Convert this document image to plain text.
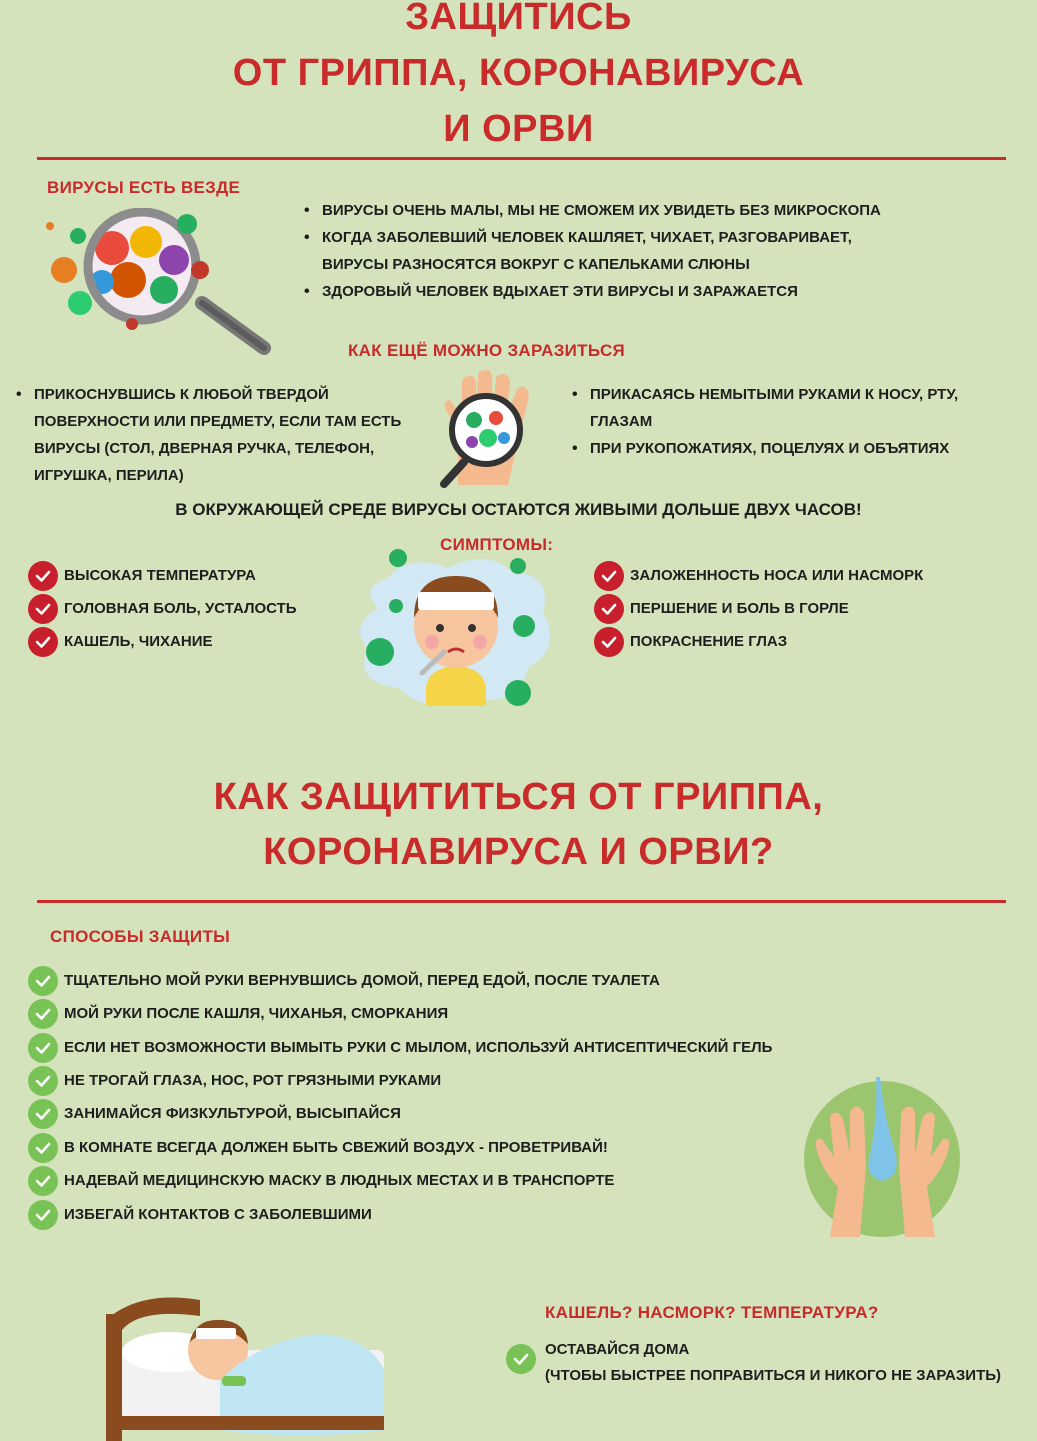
ЗАЩИТИСЬ
ОТ ГРИППА, КОРОНАВИРУСА
И ОРВИ
ВИРУСЫ ЕСТЬ ВЕЗДЕ
• ВИРУСЫ ОЧЕНЬ МАЛЫ, МЫ НЕ СМОЖЕМ ИХ УВИДЕТЬ БЕЗ МИКРОСКОПА
• КОГДА ЗАБОЛЕВШИЙ ЧЕЛОВЕК КАШЛЯЕТ, ЧИХАЕТ, РАЗГОВАРИВАЕТ, ВИРУСЫ РАЗНОСЯТСЯ ВОКРУГ С КАПЕЛЬКАМИ СЛЮНЫ
• ЗДОРОВЫЙ ЧЕЛОВЕК ВДЫХАЕТ ЭТИ ВИРУСЫ И ЗАРАЖАЕТСЯ
КАК ЕЩЁ МОЖНО ЗАРАЗИТЬСЯ
• ПРИКОСНУВШИСЬ К ЛЮБОЙ ТВЕРДОЙ ПОВЕРХНОСТИ ИЛИ ПРЕДМЕТУ, ЕСЛИ ТАМ ЕСТЬ ВИРУСЫ (СТОЛ, ДВЕРНАЯ РУЧКА, ТЕЛЕФОН, ИГРУШКА, ПЕРИЛА)
• ПРИКАСАЯСЬ НЕМЫТЫМИ РУКАМИ К НОСУ, РТУ, ГЛАЗАМ
• ПРИ РУКОПОЖАТИЯХ, ПОЦЕЛУЯХ И ОБЪЯТИЯХ
В ОКРУЖАЮЩЕЙ СРЕДЕ ВИРУСЫ ОСТАЮТСЯ ЖИВЫМИ ДОЛЬШЕ ДВУХ ЧАСОВ!
СИМПТОМЫ:
ВЫСОКАЯ ТЕМПЕРАТУРА
ГОЛОВНАЯ БОЛЬ, УСТАЛОСТЬ
КАШЕЛЬ, ЧИХАНИЕ
ЗАЛОЖЕННОСТЬ НОСА ИЛИ НАСМОРК
ПЕРШЕНИЕ И БОЛЬ В ГОРЛЕ
ПОКРАСНЕНИЕ ГЛАЗ
КАК ЗАЩИТИТЬСЯ ОТ ГРИППА,
КОРОНАВИРУСА И ОРВИ?
СПОСОБЫ ЗАЩИТЫ
ТЩАТЕЛЬНО МОЙ РУКИ ВЕРНУВШИСЬ ДОМОЙ, ПЕРЕД ЕДОЙ, ПОСЛЕ ТУАЛЕТА
МОЙ РУКИ ПОСЛЕ КАШЛЯ, ЧИХАНЬЯ, СМОРКАНИЯ
ЕСЛИ НЕТ ВОЗМОЖНОСТИ ВЫМЫТЬ РУКИ С МЫЛОМ, ИСПОЛЬЗУЙ АНТИСЕПТИЧЕСКИЙ ГЕЛЬ
НЕ ТРОГАЙ ГЛАЗА, НОС, РОТ ГРЯЗНЫМИ РУКАМИ
ЗАНИМАЙСЯ ФИЗКУЛЬТУРОЙ, ВЫСЫПАЙСЯ
В КОМНАТЕ ВСЕГДА ДОЛЖЕН БЫТЬ СВЕЖИЙ ВОЗДУХ - ПРОВЕТРИВАЙ!
НАДЕВАЙ МЕДИЦИНСКУЮ МАСКУ В ЛЮДНЫХ МЕСТАХ И В ТРАНСПОРТЕ
ИЗБЕГАЙ КОНТАКТОВ С ЗАБОЛЕВШИМИ
КАШЕЛЬ? НАСМОРК? ТЕМПЕРАТУРА?
ОСТАВАЙСЯ ДОМА
(ЧТОБЫ БЫСТРЕЕ ПОПРАВИТЬСЯ И НИКОГО НЕ ЗАРАЗИТЬ)
